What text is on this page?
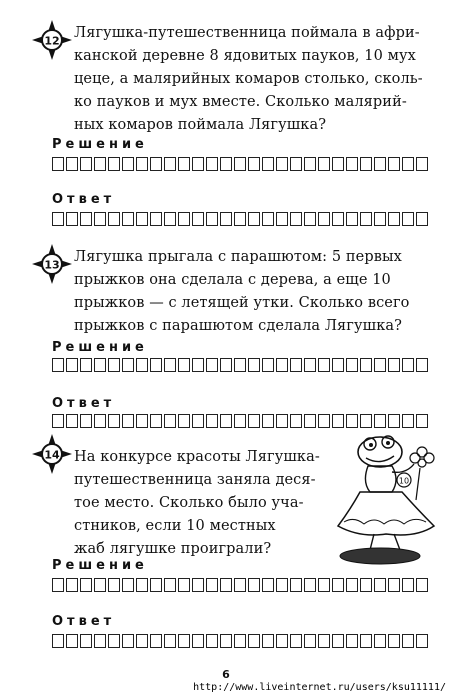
12 Лягушка-путешественница поймала в афри-
канской деревне 8 ядовитых пауков, 10 мух
цеце, а малярийных комаров столько, сколь-
ко пауков и мух вместе. Сколько малярий-
ных комаров поймала Лягушка?
Решение
Ответ
13 Лягушка прыгала с парашютом: 5 первых
прыжков она сделала с дерева, а еще 10
прыжков — с летящей утки. Сколько всего
прыжков с парашютом сделала Лягушка?
Решение
Ответ
14 На конкурсе красоты Лягушка-
путешественница заняла деся-
тое место. Сколько было уча-
стников, если 10 местных
жаб лягушке проиграли?
10
Решение
Ответ
6
http://www.liveinternet.ru/users/ksu11111/
